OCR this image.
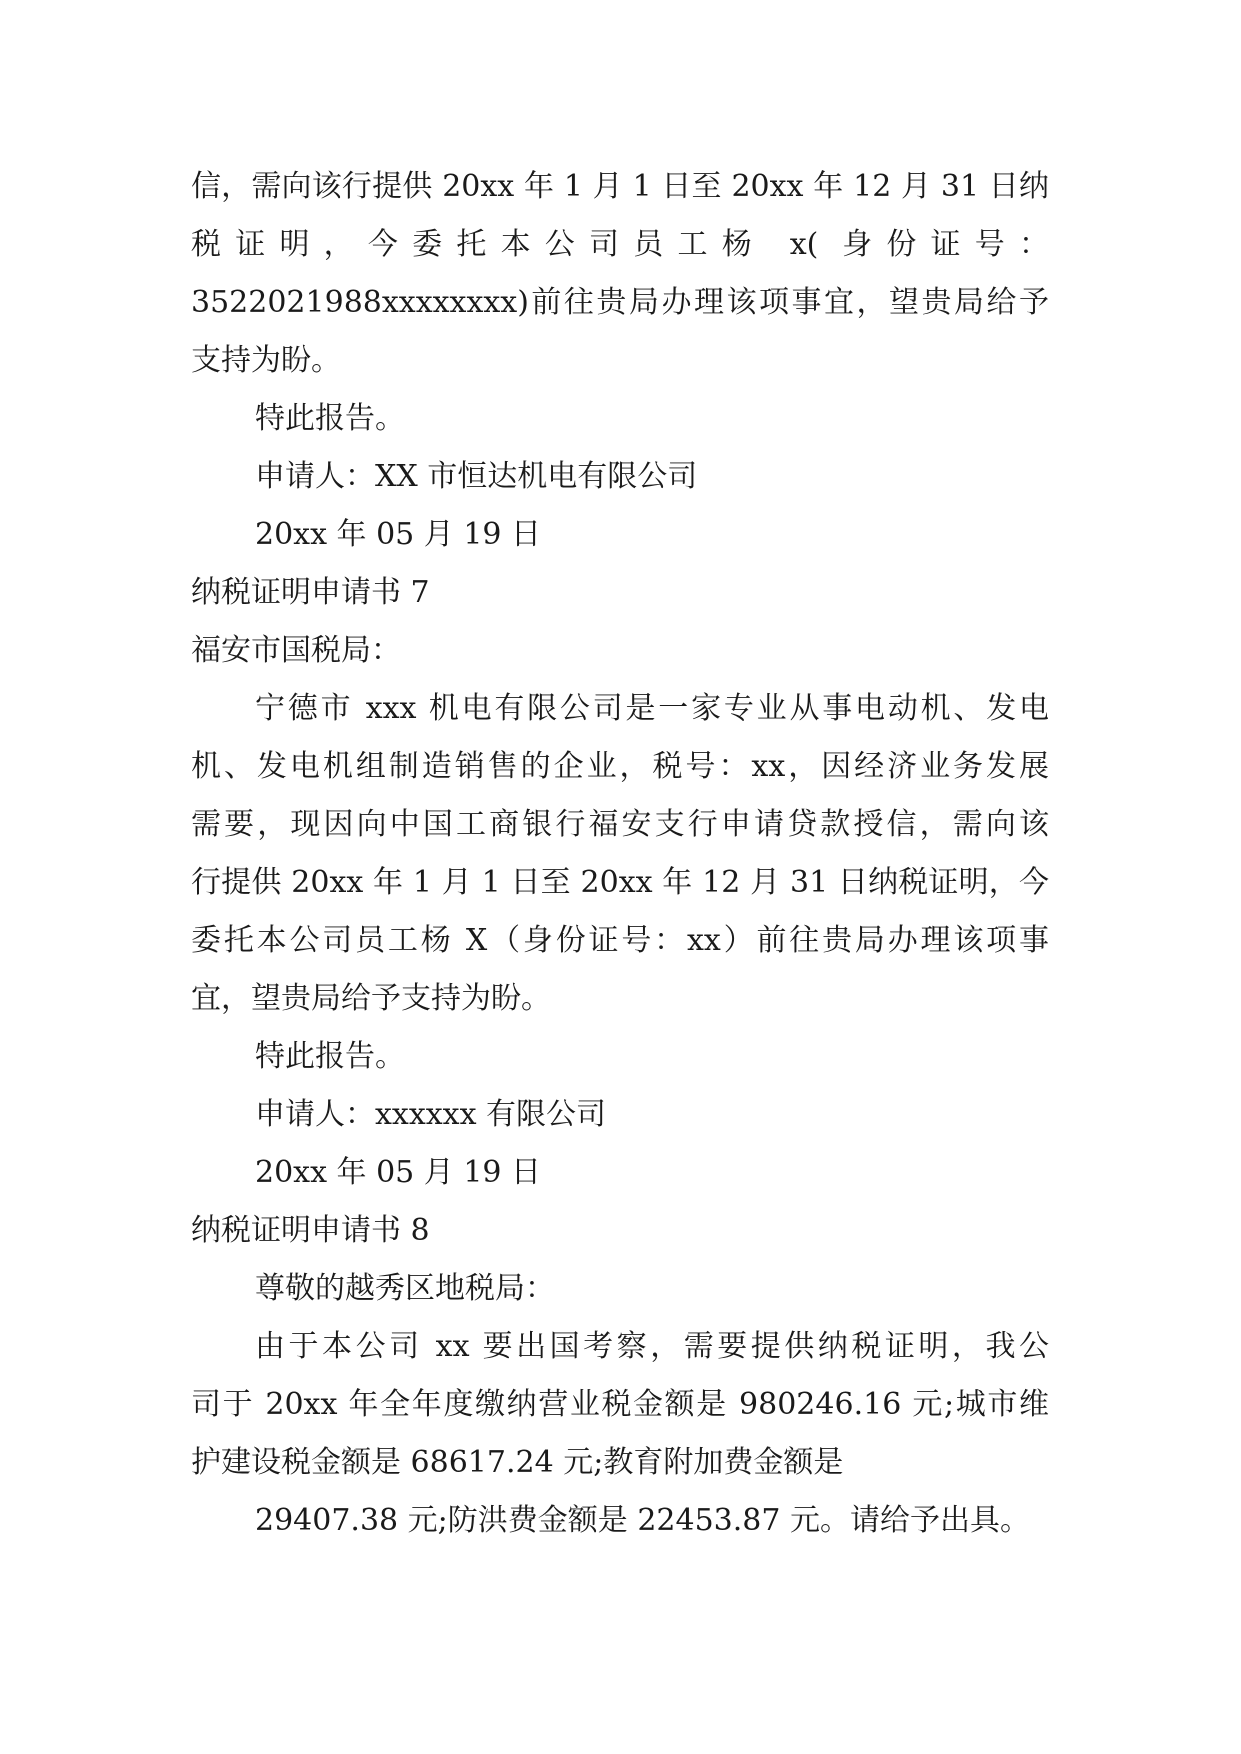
信，需向该行提供 20xx 年 1 月 1 日至 20xx 年 12 月 31 日纳
税证明，今委托本公司员工杨 x( 身份证号：
3522021988xxxxxxxx)前往贵局办理该项事宜，望贵局给予
支持为盼。
特此报告。
申请人：XX 市恒达机电有限公司
20xx 年 05 月 19 日
纳税证明申请书 7
福安市国税局：
宁德市 xxx 机电有限公司是一家专业从事电动机、发电
机、发电机组制造销售的企业，税号：xx，因经济业务发展
需要，现因向中国工商银行福安支行申请贷款授信，需向该
行提供 20xx 年 1 月 1 日至 20xx 年 12 月 31 日纳税证明，今
委托本公司员工杨 X（身份证号：xx）前往贵局办理该项事
宜，望贵局给予支持为盼。
特此报告。
申请人：xxxxxx 有限公司
20xx 年 05 月 19 日
纳税证明申请书 8
尊敬的越秀区地税局：
由于本公司 xx 要出国考察，需要提供纳税证明，我公
司于 20xx 年全年度缴纳营业税金额是 980246.16 元;城市维
护建设税金额是 68617.24 元;教育附加费金额是
29407.38 元;防洪费金额是 22453.87 元。请给予出具。
